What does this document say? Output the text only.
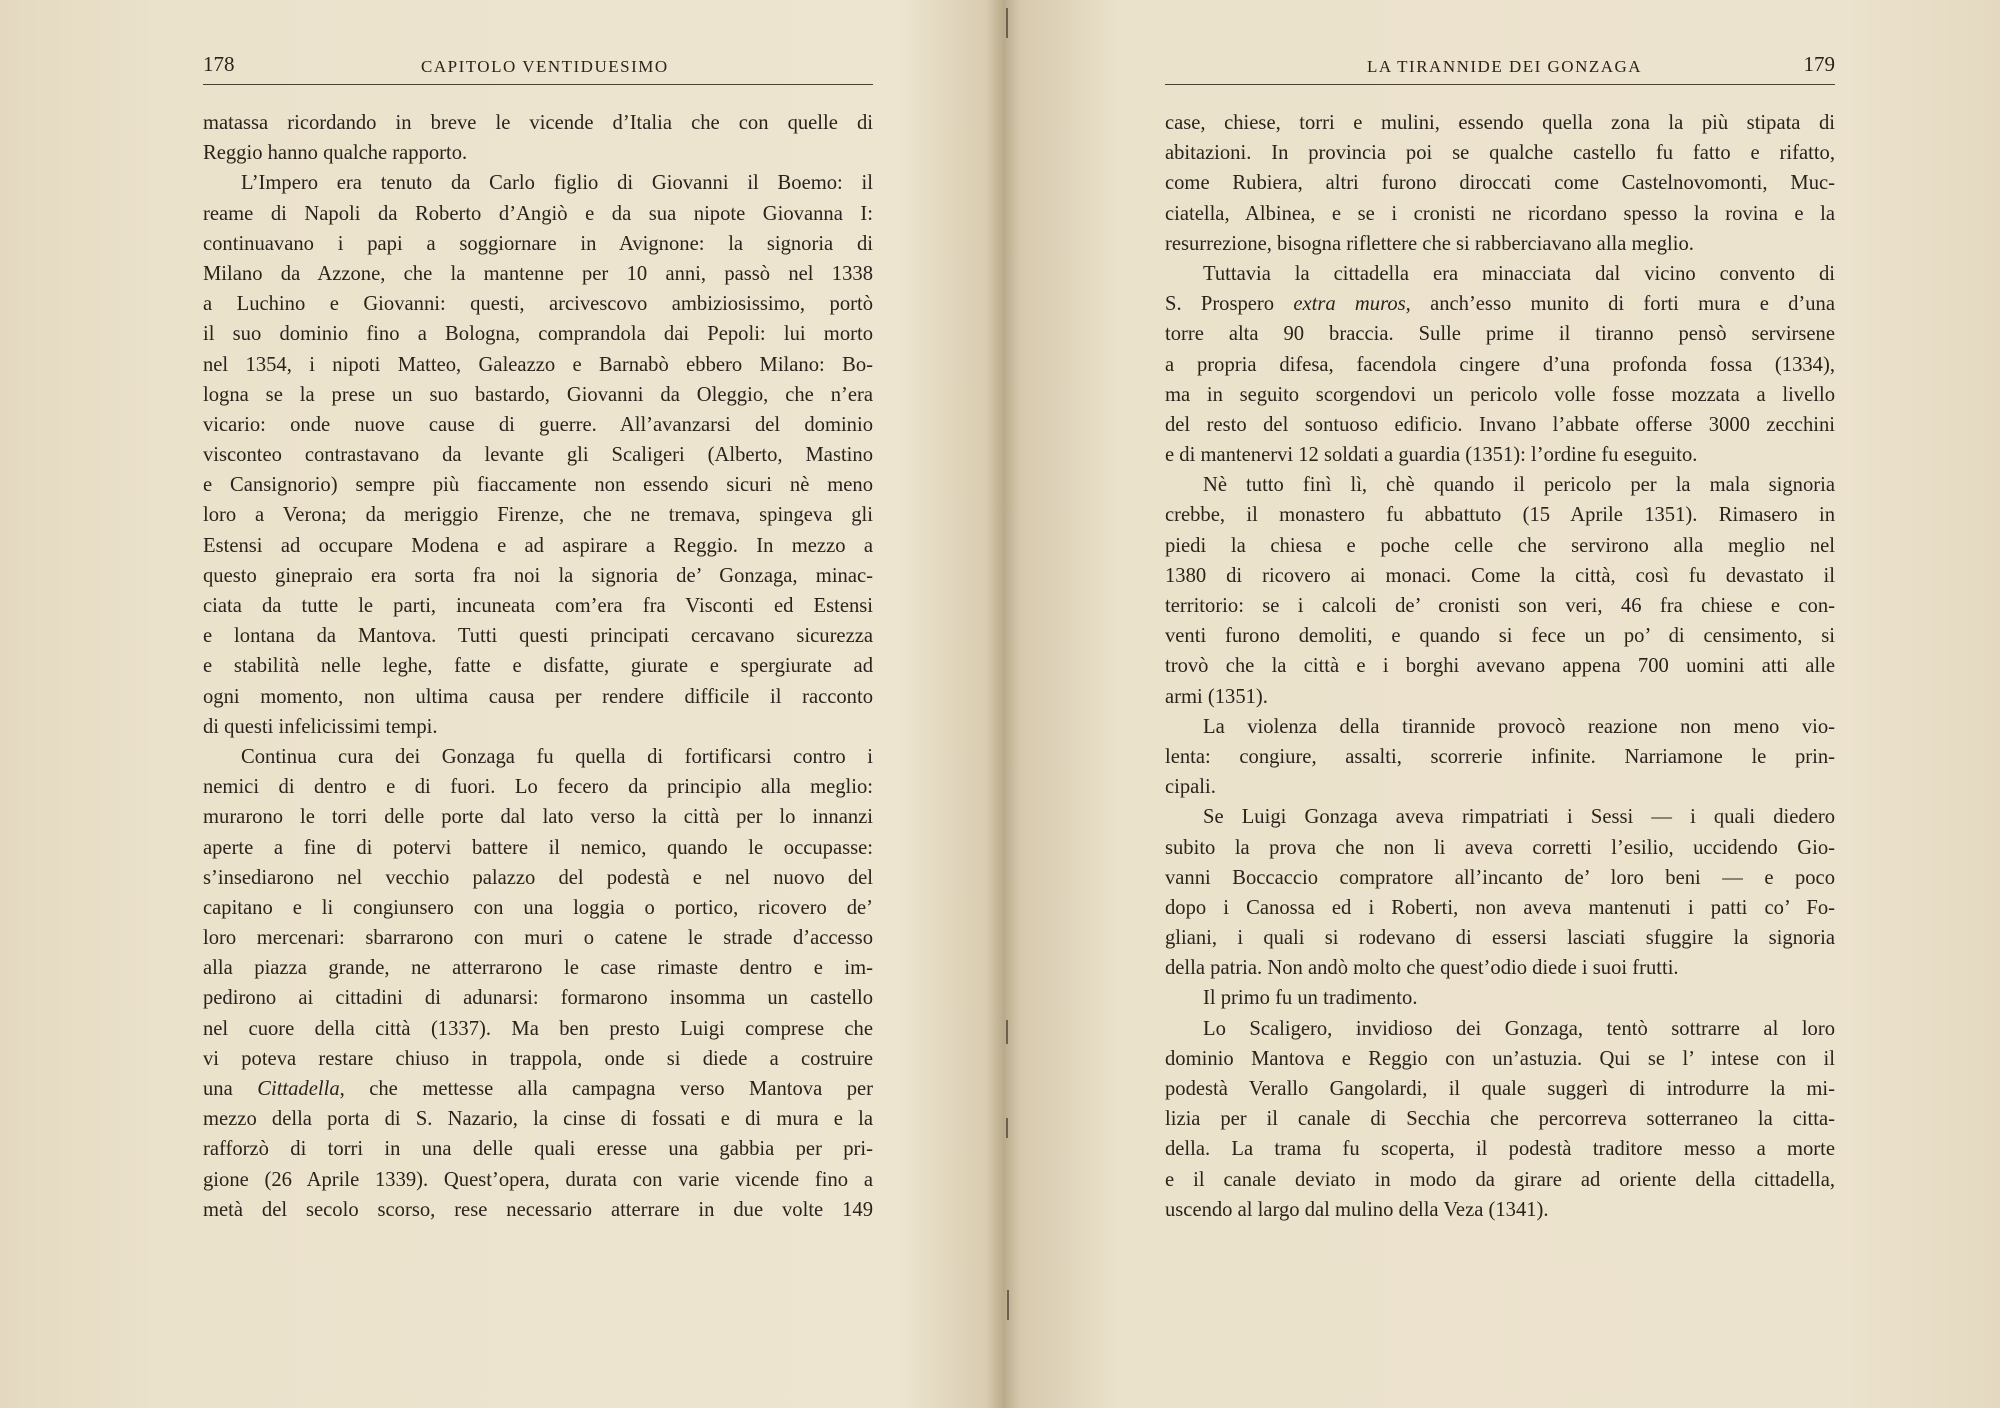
178	CAPITOLO VENTIDUESIMO
matassa ricordando in breve le vicende d’Italia che con quelle di
Reggio hanno qualche rapporto.
L’Impero era tenuto da Carlo figlio di Giovanni il Boemo: il
reame di Napoli da Roberto d’Angiò e da sua nipote Giovanna I:
continuavano i papi a soggiornare in Avignone: la signoria di
Milano da Azzone, che la mantenne per 10 anni, passò nel 1338
a Luchino e Giovanni: questi, arcivescovo ambiziosissimo, portò
il suo dominio fino a Bologna, comprandola dai Pepoli: lui morto
nel 1354, i nipoti Matteo, Galeazzo e Barnabò ebbero Milano: Bo-
logna se la prese un suo bastardo, Giovanni da Oleggio, che n’era
vicario: onde nuove cause di guerre. All’avanzarsi del dominio
visconteo contrastavano da levante gli Scaligeri (Alberto, Mastino
e Cansignorio) sempre più fiaccamente non essendo sicuri nè meno
loro a Verona; da meriggio Firenze, che ne tremava, spingeva gli
Estensi ad occupare Modena e ad aspirare a Reggio. In mezzo a
questo ginepraio era sorta fra noi la signoria de’ Gonzaga, minac-
ciata da tutte le parti, incuneata com’era fra Visconti ed Estensi
e lontana da Mantova. Tutti questi principati cercavano sicurezza
e stabilità nelle leghe, fatte e disfatte, giurate e spergiurate ad
ogni momento, non ultima causa per rendere difficile il racconto
di questi infelicissimi tempi.
Continua cura dei Gonzaga fu quella di fortificarsi contro i
nemici di dentro e di fuori. Lo fecero da principio alla meglio:
murarono le torri delle porte dal lato verso la città per lo innanzi
aperte a fine di potervi battere il nemico, quando le occupasse:
s’insediarono nel vecchio palazzo del podestà e nel nuovo del
capitano e li congiunsero con una loggia o portico, ricovero de’
loro mercenari: sbarrarono con muri o catene le strade d’accesso
alla piazza grande, ne atterrarono le case rimaste dentro e im-
pedirono ai cittadini di adunarsi: formarono insomma un castello
nel cuore della città (1337). Ma ben presto Luigi comprese che
vi poteva restare chiuso in trappola, onde si diede a costruire
una Cittadella, che mettesse alla campagna verso Mantova per
mezzo della porta di S. Nazario, la cinse di fossati e di mura e la
rafforzò di torri in una delle quali eresse una gabbia per pri-
gione (26 Aprile 1339). Quest’opera, durata con varie vicende fino a
metà del secolo scorso, rese necessario atterrare in due volte 149
LA TIRANNIDE DEI GONZAGA	179
case, chiese, torri e mulini, essendo quella zona la più stipata di
abitazioni. In provincia poi se qualche castello fu fatto e rifatto,
come Rubiera, altri furono diroccati come Castelnovomonti, Muc-
ciatella, Albinea, e se i cronisti ne ricordano spesso la rovina e la
resurrezione, bisogna riflettere che si rabberciavano alla meglio.
Tuttavia la cittadella era minacciata dal vicino convento di
S. Prospero extra muros, anch’esso munito di forti mura e d’una
torre alta 90 braccia. Sulle prime il tiranno pensò servirsene
a propria difesa, facendola cingere d’una profonda fossa (1334),
ma in seguito scorgendovi un pericolo volle fosse mozzata a livello
del resto del sontuoso edificio. Invano l’abbate offerse 3000 zecchini
e di mantenervi 12 soldati a guardia (1351): l’ordine fu eseguito.
Nè tutto finì lì, chè quando il pericolo per la mala signoria
crebbe, il monastero fu abbattuto (15 Aprile 1351). Rimasero in
piedi la chiesa e poche celle che servirono alla meglio nel
1380 di ricovero ai monaci. Come la città, così fu devastato il
territorio: se i calcoli de’ cronisti son veri, 46 fra chiese e con-
venti furono demoliti, e quando si fece un po’ di censimento, si
trovò che la città e i borghi avevano appena 700 uomini atti alle
armi (1351).
La violenza della tirannide provocò reazione non meno vio-
lenta: congiure, assalti, scorrerie infinite. Narriamone le prin-
cipali.
Se Luigi Gonzaga aveva rimpatriati i Sessi — i quali diedero
subito la prova che non li aveva corretti l’esilio, uccidendo Gio-
vanni Boccaccio compratore all’incanto de’ loro beni — e poco
dopo i Canossa ed i Roberti, non aveva mantenuti i patti co’ Fo-
gliani, i quali si rodevano di essersi lasciati sfuggire la signoria
della patria. Non andò molto che quest’odio diede i suoi frutti.
Il primo fu un tradimento.
Lo Scaligero, invidioso dei Gonzaga, tentò sottrarre al loro
dominio Mantova e Reggio con un’astuzia. Qui se l’ intese con il
podestà Verallo Gangolardi, il quale suggerì di introdurre la mi-
lizia per il canale di Secchia che percorreva sotterraneo la citta-
della. La trama fu scoperta, il podestà traditore messo a morte
e il canale deviato in modo da girare ad oriente della cittadella,
uscendo al largo dal mulino della Veza (1341).
